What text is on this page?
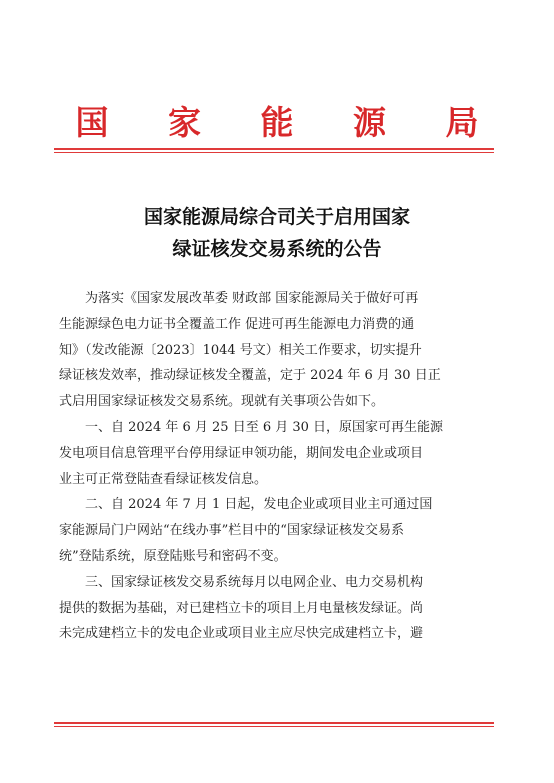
国 家 能 源 局
国家能源局综合司关于启用国家
绿证核发交易系统的公告
为落实《国家发展改革委 财政部 国家能源局关于做好可再
生能源绿色电力证书全覆盖工作 促进可再生能源电力消费的通
知》（发改能源〔2023〕1044 号文）相关工作要求，切实提升
绿证核发效率，推动绿证核发全覆盖，定于 2024 年 6 月 30 日正
式启用国家绿证核发交易系统。现就有关事项公告如下。
一、自 2024 年 6 月 25 日至 6 月 30 日，原国家可再生能源
发电项目信息管理平台停用绿证申领功能，期间发电企业或项目
业主可正常登陆查看绿证核发信息。
二、自 2024 年 7 月 1 日起，发电企业或项目业主可通过国
家能源局门户网站“在线办事”栏目中的“国家绿证核发交易系
统”登陆系统，原登陆账号和密码不变。
三、国家绿证核发交易系统每月以电网企业、电力交易机构
提供的数据为基础，对已建档立卡的项目上月电量核发绿证。尚
未完成建档立卡的发电企业或项目业主应尽快完成建档立卡，避
